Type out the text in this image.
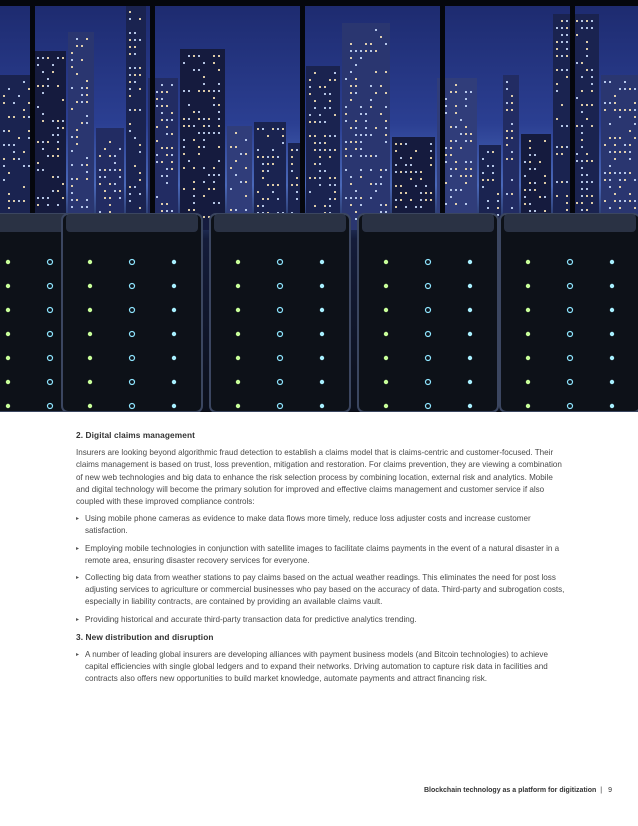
2. Digital claims management

Insurers are looking beyond algorithmic fraud detection to establish a claims model that is claims-centric and customer-focused. Their claims management is based on trust, loss prevention, mitigation and restoration. For claims prevention, they are viewing a combination of new web technologies and big data to enhance the risk selection process by combining location, external risk and analytics. Mobile and digital technology will become the primary solution for improved and effective claims management and customer service if also coupled with these improved compliance controls:

▸ Using mobile phone cameras as evidence to make data flows more timely, reduce loss adjuster costs and increase customer satisfaction.
▸ Employing mobile technologies in conjunction with satellite images to facilitate claims payments in the event of a natural disaster in a remote area, ensuring disaster recovery services for everyone.
▸ Collecting big data from weather stations to pay claims based on the actual weather readings. This eliminates the need for post loss adjusting services to agriculture or commercial businesses who pay based on the accuracy of data. Third-party and subrogation costs, especially in liability contracts, are contained by providing an available claims vault.
▸ Providing historical and accurate third-party transaction data for predictive analytics trending.

3. New distribution and disruption

▸ A number of leading global insurers are developing alliances with payment business models (and Bitcoin technologies) to achieve capital efficiencies with single global ledgers and to expand their networks. Driving automation to capture risk data in facilities and contracts also offers new opportunities to build market knowledge, automate payments and attract financing risk.
Blockchain technology as a platform for digitization | 9
